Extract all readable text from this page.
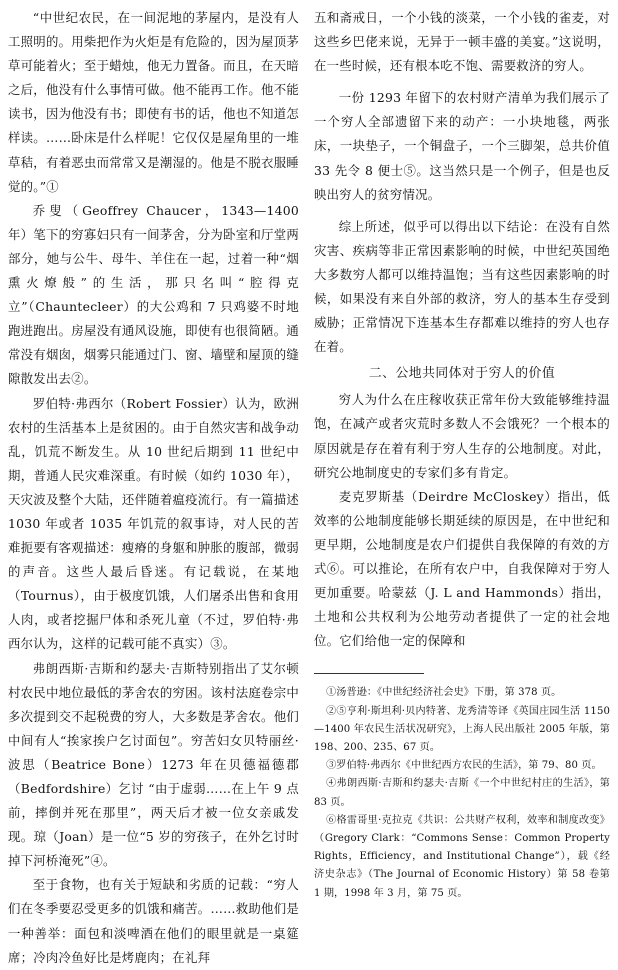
“中世纪农民，在一间泥地的茅屋内，是没有人工照明的。用柴把作为火炬是有危险的，因为屋顶茅草可能着火；至于蜡烛，他无力置备。而且，在天暗之后，他没有什么事情可做。他不能再工作。他不能读书，因为他没有书；即使有书的话，他也不知道怎样读。……卧床是什么样呢！它仅仅是屋角里的一堆草秸，有着恶虫而常常又是潮湿的。他是不脱衣服睡觉的。”①

乔叟（Geoffrey Chaucer，1343—1400 年）笔下的穷寡妇只有一间茅舍，分为卧室和厅堂两部分，她与公牛、母牛、羊住在一起，过着一种“烟熏火燎般”的生活，那只名叫“腔得克立”（Chauntecleer）的大公鸡和 7 只鸡婆不时地跑进跑出。房屋没有通风设施，即使有也很简陋。通常没有烟囱，烟雾只能通过门、窗、墙壁和屋顶的缝隙散发出去②。

罗伯特·弗西尔（Robert Fossier）认为，欧洲农村的生活基本上是贫困的。由于自然灾害和战争动乱，饥荒不断发生。从 10 世纪后期到 11 世纪中期，普通人民灾难深重。有时候（如约 1030 年），天灾波及整个大陆，还伴随着瘟疫流行。有一篇描述 1030 年或者 1035 年饥荒的叙事诗，对人民的苦难扼要有客观描述：瘦瘠的身躯和肿胀的腹部，微弱的声音。这些人最后昏迷。有记载说，在某地（Tournus），由于极度饥饿，人们屠杀出售和食用人肉，或者挖掘尸体和杀死儿童（不过，罗伯特·弗西尔认为，这样的记载可能不真实）③。

弗朗西斯·吉斯和约瑟夫·吉斯特别指出了艾尔顿村农民中地位最低的茅舍农的穷困。该村法庭卷宗中多次提到交不起税费的穷人，大多数是茅舍农。他们中间有人“挨家挨户乞讨面包”。穷苦妇女贝特丽丝·波思（Beatrice Bone）1273 年在贝德福德郡（Bedfordshire）乞讨 “由于虚弱……在上午 9 点前，摔倒并死在那里”，两天后才被一位女亲戚发现。琼（Joan）是一位“5 岁的穷孩子，在外乞讨时掉下河桥淹死”④。

至于食物，也有关于短缺和劣质的记载：“穷人们在冬季要忍受更多的饥饿和痛苦。……救助他们是一种善举：面包和淡啤酒在他们的眼里就是一桌筵席；冷肉冷鱼好比是烤鹿肉；在礼拜

五和斋戒日，一个小钱的淡菜，一个小钱的雀麦，对这些乡巴佬来说，无异于一顿丰盛的美宴。”这说明，在一些时候，还有根本吃不饱、需要救济的穷人。

一份 1293 年留下的农村财产清单为我们展示了一个穷人全部遗留下来的动产：一小块地毯，两张床，一块垫子，一个铜盘子，一个三脚架，总共价值 33 先令 8 便士⑤。这当然只是一个例子，但是也反映出穷人的贫穷情况。

综上所述，似乎可以得出以下结论：在没有自然灾害、疾病等非正常因素影响的时候，中世纪英国绝大多数穷人都可以维持温饱；当有这些因素影响的时候，如果没有来自外部的救济，穷人的基本生存受到威胁；正常情况下连基本生存都难以维持的穷人也存在着。

二、公地共同体对于穷人的价值

穷人为什么在庄稼收获正常年份大致能够维持温饱，在减产或者灾荒时多数人不会饿死？一个根本的原因就是存在着有利于穷人生存的公地制度。对此，研究公地制度史的专家们多有肯定。

麦克罗斯基（Deirdre McCloskey）指出，低效率的公地制度能够长期延续的原因是，在中世纪和更早期，公地制度是农户们提供自我保障的有效的方式⑥。可以推论，在所有农户中，自我保障对于穷人更加重要。哈蒙兹（J. L and Hammonds）指出，土地和公共权利为公地劳动者提供了一定的社会地位。它们给他一定的保障和

①汤普逊：《中世纪经济社会史》下册，第 378 页。

②⑤亨利·斯坦利·贝内特著、龙秀清等译《英国庄园生活 1150—1400 年农民生活状况研究》，上海人民出版社 2005 年版，第 198、200、235、67 页。

③罗伯特·弗西尔《中世纪西方农民的生活》，第 79、80 页。

④弗朗西斯·吉斯和约瑟夫·吉斯《一个中世纪村庄的生活》，第 83 页。

⑥格雷哥里·克拉克《共识：公共财产权利，效率和制度改变》（Gregory Clark：“Commons Sense：Common Property Rights，Efficiency，and Institutional Change”），载《经济史杂志》（The Journal of Economic History）第 58 卷第 1 期，1998 年 3 月，第 75 页。
